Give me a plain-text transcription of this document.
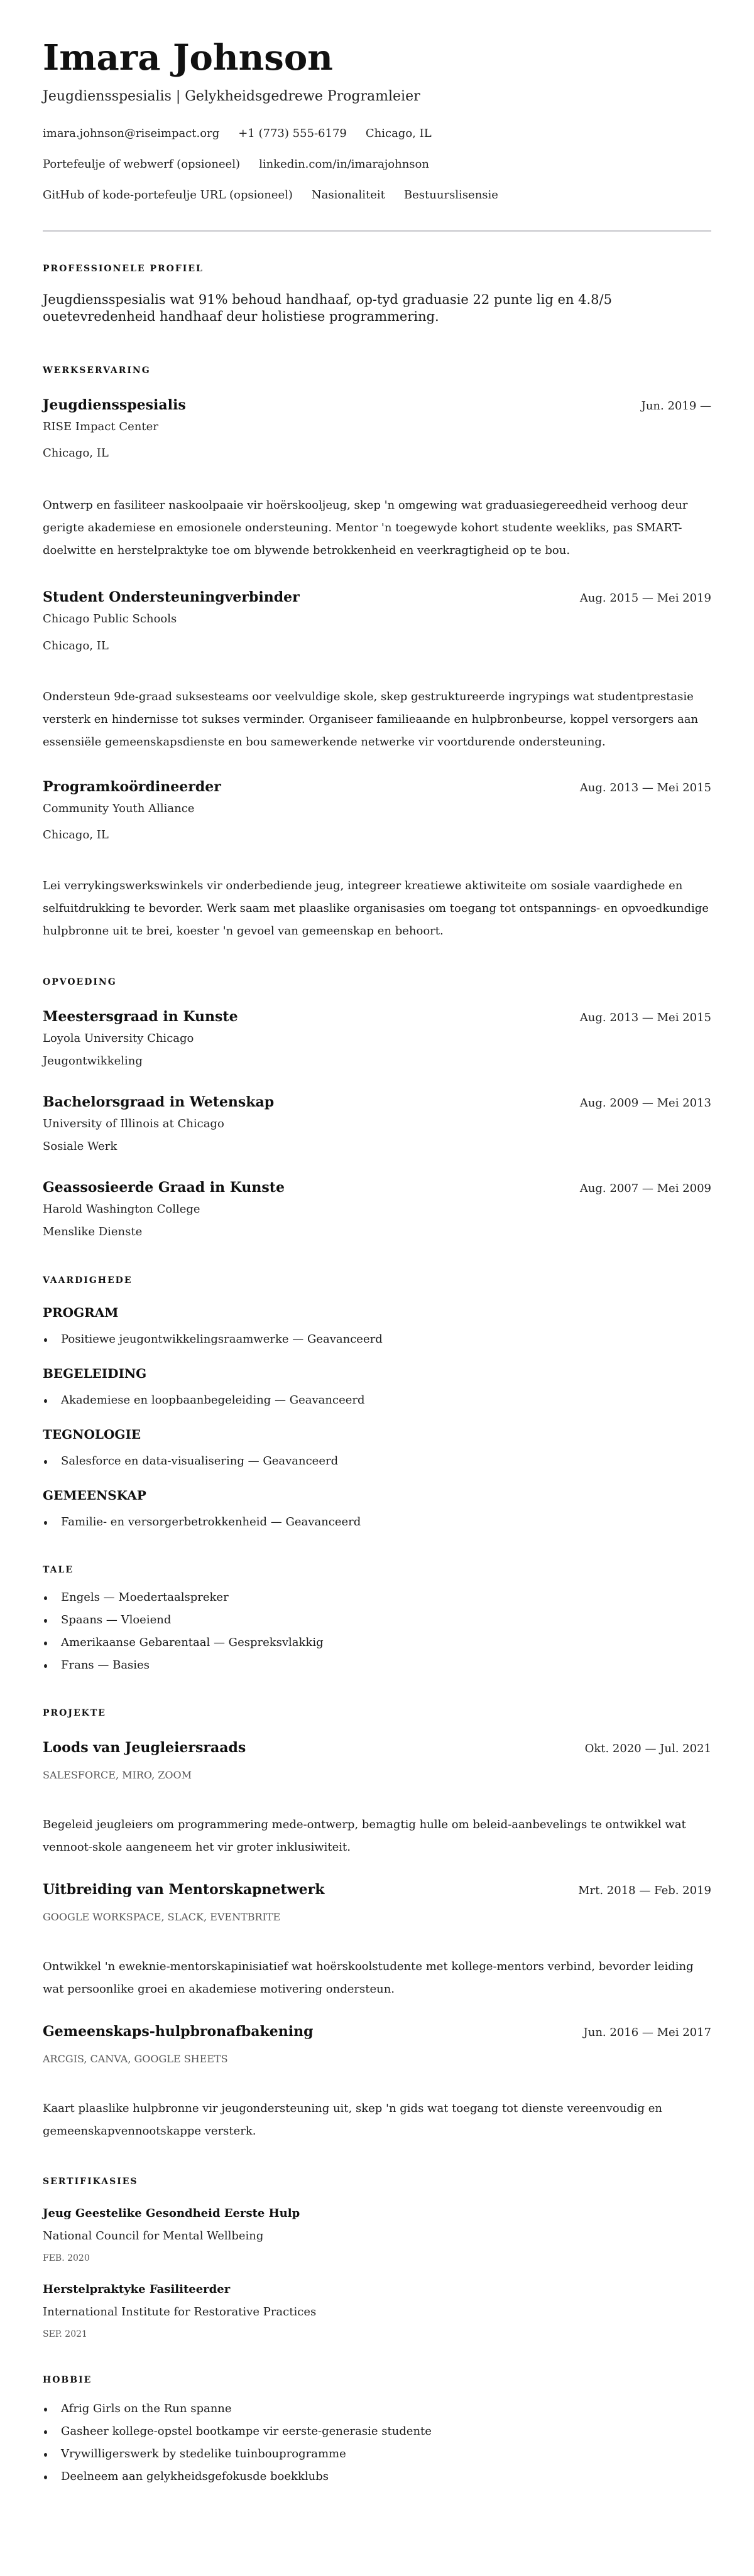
Imara Johnson
Jeugdiensspesialis | Gelykheidsgedrewe Programleier
imara.johnson@riseimpact.org +1 (773) 555-6179 Chicago, IL
Portefeulje of webwerf (opsioneel) linkedin.com/in/imarajohnson
GitHub of kode-portefeulje URL (opsioneel) Nasionaliteit Bestuurslisensie
PROFESSIONELE PROFIEL
Jeugdiensspesialis wat 91% behoud handhaaf, op-tyd graduasie 22 punte lig en 4.8/5 ouetevredenheid handhaaf deur holistiese programmering.
WERKSERVARING
Jeugdiensspesialis	Jun. 2019 —
RISE Impact Center
Chicago, IL
Ontwerp en fasiliteer naskoolpaaie vir hoërskooljeug, skep 'n omgewing wat graduasiegereedheid verhoog deur gerigte akademiese en emosionele ondersteuning. Mentor 'n toegewyde kohort studente weekliks, pas SMART-doelwitte en herstelpraktyke toe om blywende betrokkenheid en veerkragtigheid op te bou.
Student Ondersteuningverbinder	Aug. 2015 — Mei 2019
Chicago Public Schools
Chicago, IL
Ondersteun 9de-graad suksesteams oor veelvuldige skole, skep gestruktureerde ingrypings wat studentprestasie versterk en hindernisse tot sukses verminder. Organiseer familieaande en hulpbronbeurse, koppel versorgers aan essensiële gemeenskapsdienste en bou samewerkende netwerke vir voortdurende ondersteuning.
Programkoördineerder	Aug. 2013 — Mei 2015
Community Youth Alliance
Chicago, IL
Lei verrykingswerkswinkels vir onderbediende jeug, integreer kreatiewe aktiwiteite om sosiale vaardighede en selfuitdrukking te bevorder. Werk saam met plaaslike organisasies om toegang tot ontspannings- en opvoedkundige hulpbronne uit te brei, koester 'n gevoel van gemeenskap en behoort.
OPVOEDING
Meestersgraad in Kunste	Aug. 2013 — Mei 2015
Loyola University Chicago
Jeugontwikkeling
Bachelorsgraad in Wetenskap	Aug. 2009 — Mei 2013
University of Illinois at Chicago
Sosiale Werk
Geassosieerde Graad in Kunste	Aug. 2007 — Mei 2009
Harold Washington College
Menslike Dienste
VAARDIGHEDE
PROGRAM
Positiewe jeugontwikkelingsraamwerke — Geavanceerd
BEGELEIDING
Akademiese en loopbaanbegeleiding — Geavanceerd
TEGNOLOGIE
Salesforce en data-visualisering — Geavanceerd
GEMEENSKAP
Familie- en versorgerbetrokkenheid — Geavanceerd
TALE
Engels — Moedertaalspreker
Spaans — Vloeiend
Amerikaanse Gebarentaal — Gespreksvlakkig
Frans — Basies
PROJEKTE
Loods van Jeugleiersraads	Okt. 2020 — Jul. 2021
SALESFORCE, MIRO, ZOOM
Begeleid jeugleiers om programmering mede-ontwerp, bemagtig hulle om beleid-aanbevelings te ontwikkel wat vennoot-skole aangeneem het vir groter inklusiwiteit.
Uitbreiding van Mentorskapnetwerk	Mrt. 2018 — Feb. 2019
GOOGLE WORKSPACE, SLACK, EVENTBRITE
Ontwikkel 'n eweknie-mentorskapinisiatief wat hoërskoolstudente met kollege-mentors verbind, bevorder leiding wat persoonlike groei en akademiese motivering ondersteun.
Gemeenskaps-hulpbronafbakening	Jun. 2016 — Mei 2017
ARCGIS, CANVA, GOOGLE SHEETS
Kaart plaaslike hulpbronne vir jeugondersteuning uit, skep 'n gids wat toegang tot dienste vereenvoudig en gemeenskapvennootskappe versterk.
SERTIFIKASIES
Jeug Geestelike Gesondheid Eerste Hulp
National Council for Mental Wellbeing
FEB. 2020
Herstelpraktyke Fasiliteerder
International Institute for Restorative Practices
SEP. 2021
HOBBIE
Afrig Girls on the Run spanne
Gasheer kollege-opstel bootkampe vir eerste-generasie studente
Vrywilligerswerk by stedelike tuinbouprogramme
Deelneem aan gelykheidsgefokusde boekklubs
